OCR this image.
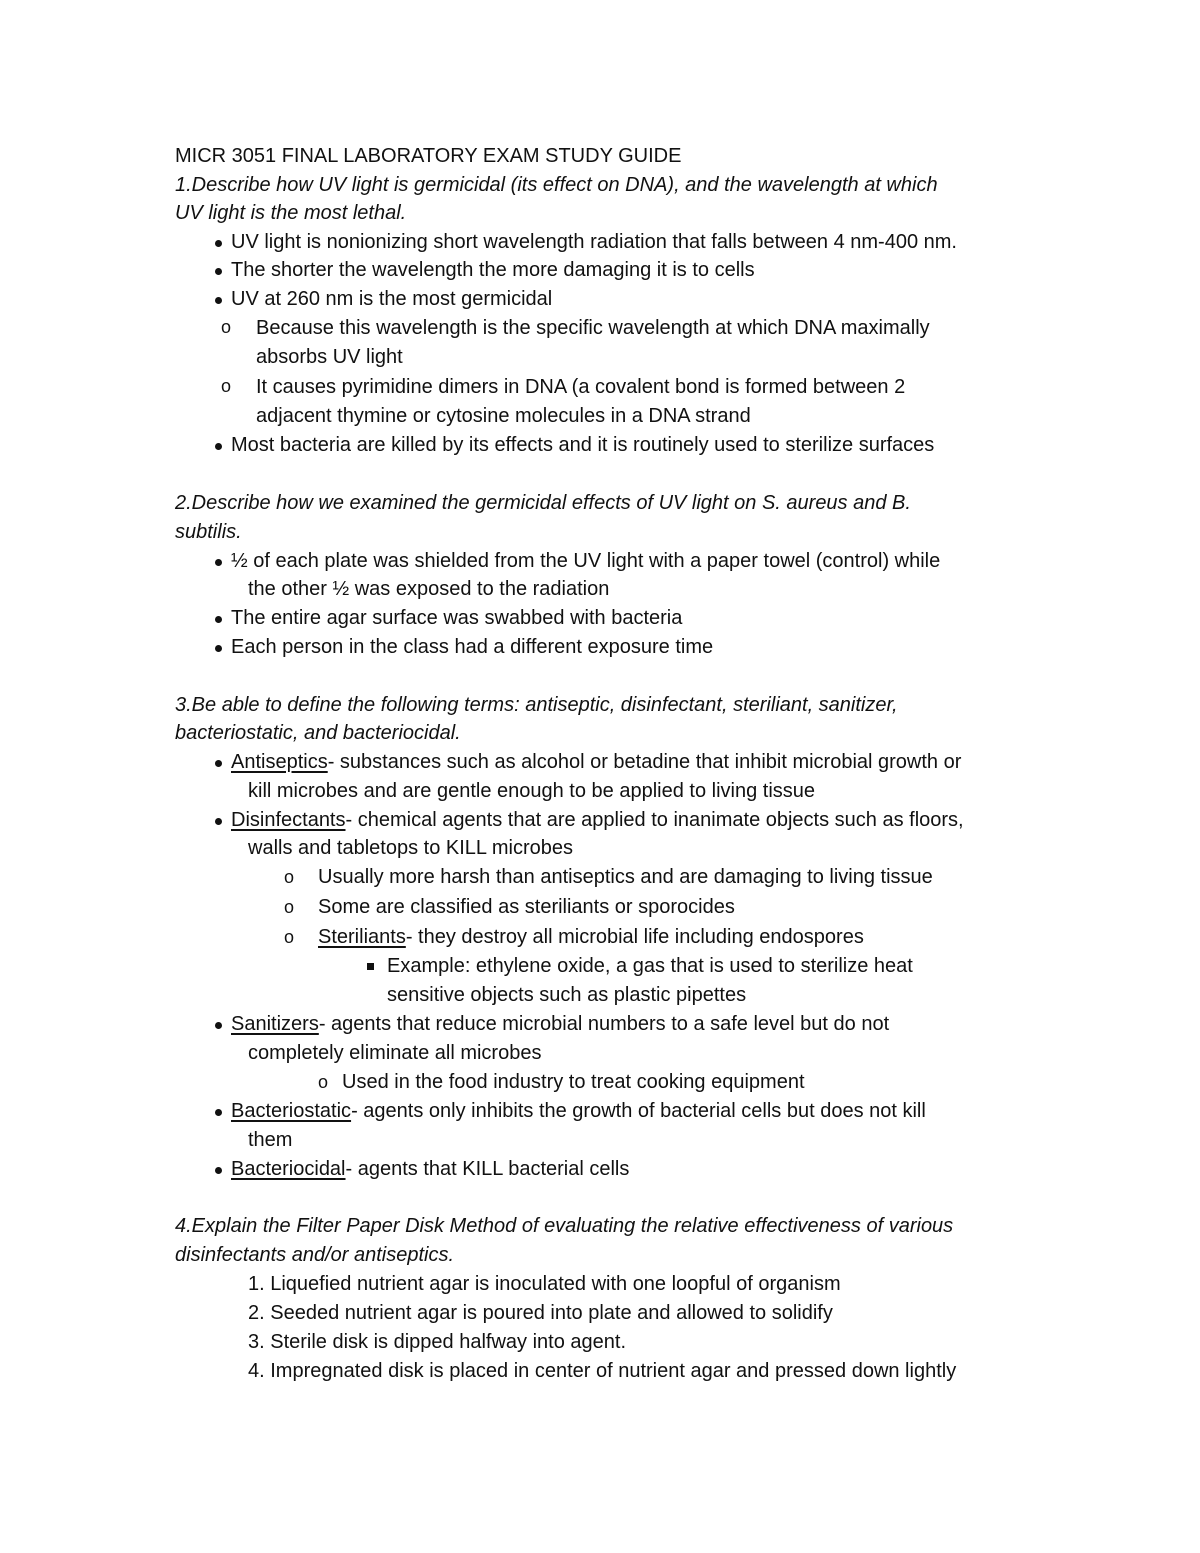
MICR 3051 FINAL LABORATORY EXAM STUDY GUIDE
1.Describe how UV light is germicidal (its effect on DNA), and the wavelength at which
UV light is the most lethal.
UV light is nonionizing short wavelength radiation that falls between 4 nm-400 nm.
The shorter the wavelength the more damaging it is to cells
UV at 260 nm is the most germicidal
o Because this wavelength is the specific wavelength at which DNA maximally
absorbs UV light
o It causes pyrimidine dimers in DNA (a covalent bond is formed between 2
adjacent thymine or cytosine molecules in a DNA strand
Most bacteria are killed by its effects and it is routinely used to sterilize surfaces
2.Describe how we examined the germicidal effects of UV light on S. aureus and B.
subtilis.
½ of each plate was shielded from the UV light with a paper towel (control) while
the other ½ was exposed to the radiation
The entire agar surface was swabbed with bacteria
Each person in the class had a different exposure time
3.Be able to define the following terms: antiseptic, disinfectant, steriliant, sanitizer,
bacteriostatic, and bacteriocidal.
Antiseptics- substances such as alcohol or betadine that inhibit microbial growth or
kill microbes and are gentle enough to be applied to living tissue
Disinfectants- chemical agents that are applied to inanimate objects such as floors,
walls and tabletops to KILL microbes
o Usually more harsh than antiseptics and are damaging to living tissue
o Some are classified as steriliants or sporocides
o Steriliants- they destroy all microbial life including endospores
Example: ethylene oxide, a gas that is used to sterilize heat
sensitive objects such as plastic pipettes
Sanitizers- agents that reduce microbial numbers to a safe level but do not
completely eliminate all microbes
o Used in the food industry to treat cooking equipment
Bacteriostatic- agents only inhibits the growth of bacterial cells but does not kill
them
Bacteriocidal- agents that KILL bacterial cells
4.Explain the Filter Paper Disk Method of evaluating the relative effectiveness of various
disinfectants and/or antiseptics.
1. Liquefied nutrient agar is inoculated with one loopful of organism
2. Seeded nutrient agar is poured into plate and allowed to solidify
3. Sterile disk is dipped halfway into agent.
4. Impregnated disk is placed in center of nutrient agar and pressed down lightly
